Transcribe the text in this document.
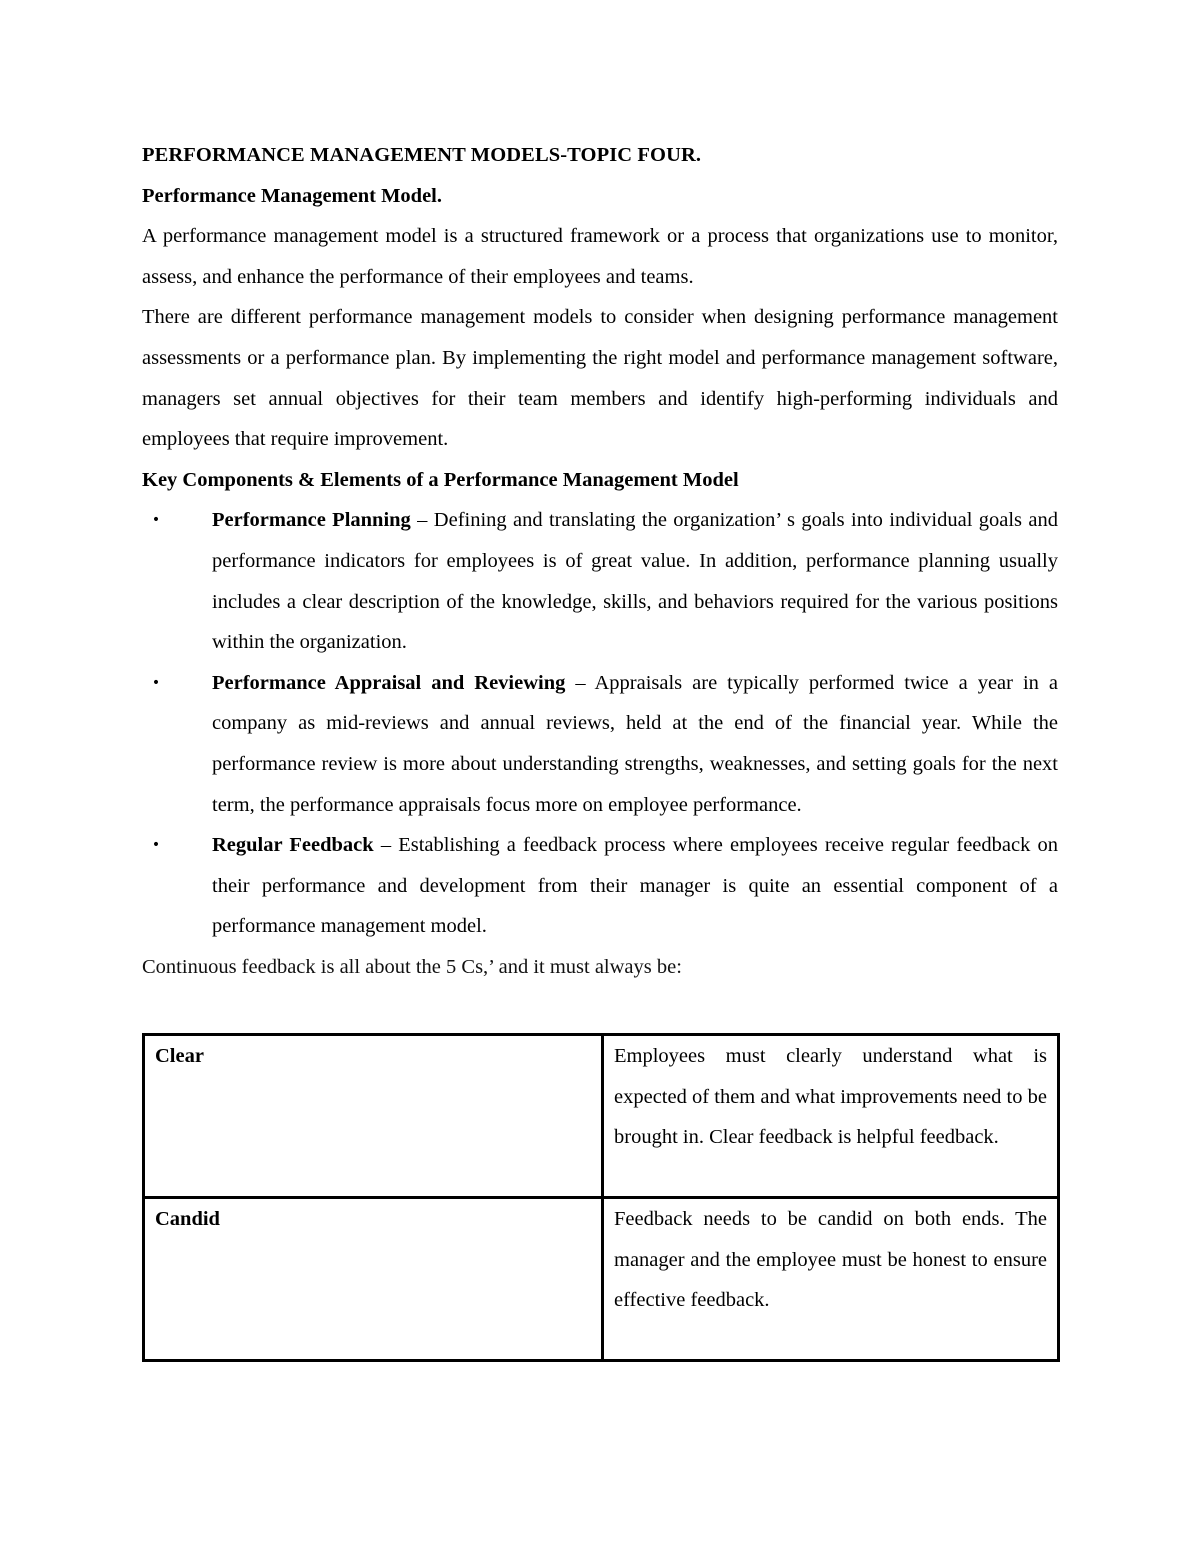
PERFORMANCE MANAGEMENT MODELS-TOPIC FOUR.

Performance Management Model.

A performance management model is a structured framework or a process that organizations use to monitor, assess, and enhance the performance of their employees and teams.

There are different performance management models to consider when designing performance management assessments or a performance plan. By implementing the right model and performance management software, managers set annual objectives for their team members and identify high-performing individuals and employees that require improvement.

Key Components & Elements of a Performance Management Model

•	Performance Planning – Defining and translating the organization’ s goals into individual goals and performance indicators for employees is of great value. In addition, performance planning usually includes a clear description of the knowledge, skills, and behaviors required for the various positions within the organization.
•	Performance Appraisal and Reviewing – Appraisals are typically performed twice a year in a company as mid-reviews and annual reviews, held at the end of the financial year. While the performance review is more about understanding strengths, weaknesses, and setting goals for the next term, the performance appraisals focus more on employee performance.
•	Regular Feedback – Establishing a feedback process where employees receive regular feedback on their performance and development from their manager is quite an essential component of a performance management model.

Continuous feedback is all about the 5 Cs,’ and it must always be:

Clear	Employees must clearly understand what is expected of them and what improvements need to be brought in. Clear feedback is helpful feedback.
Candid	Feedback needs to be candid on both ends. The manager and the employee must be honest to ensure effective feedback.
